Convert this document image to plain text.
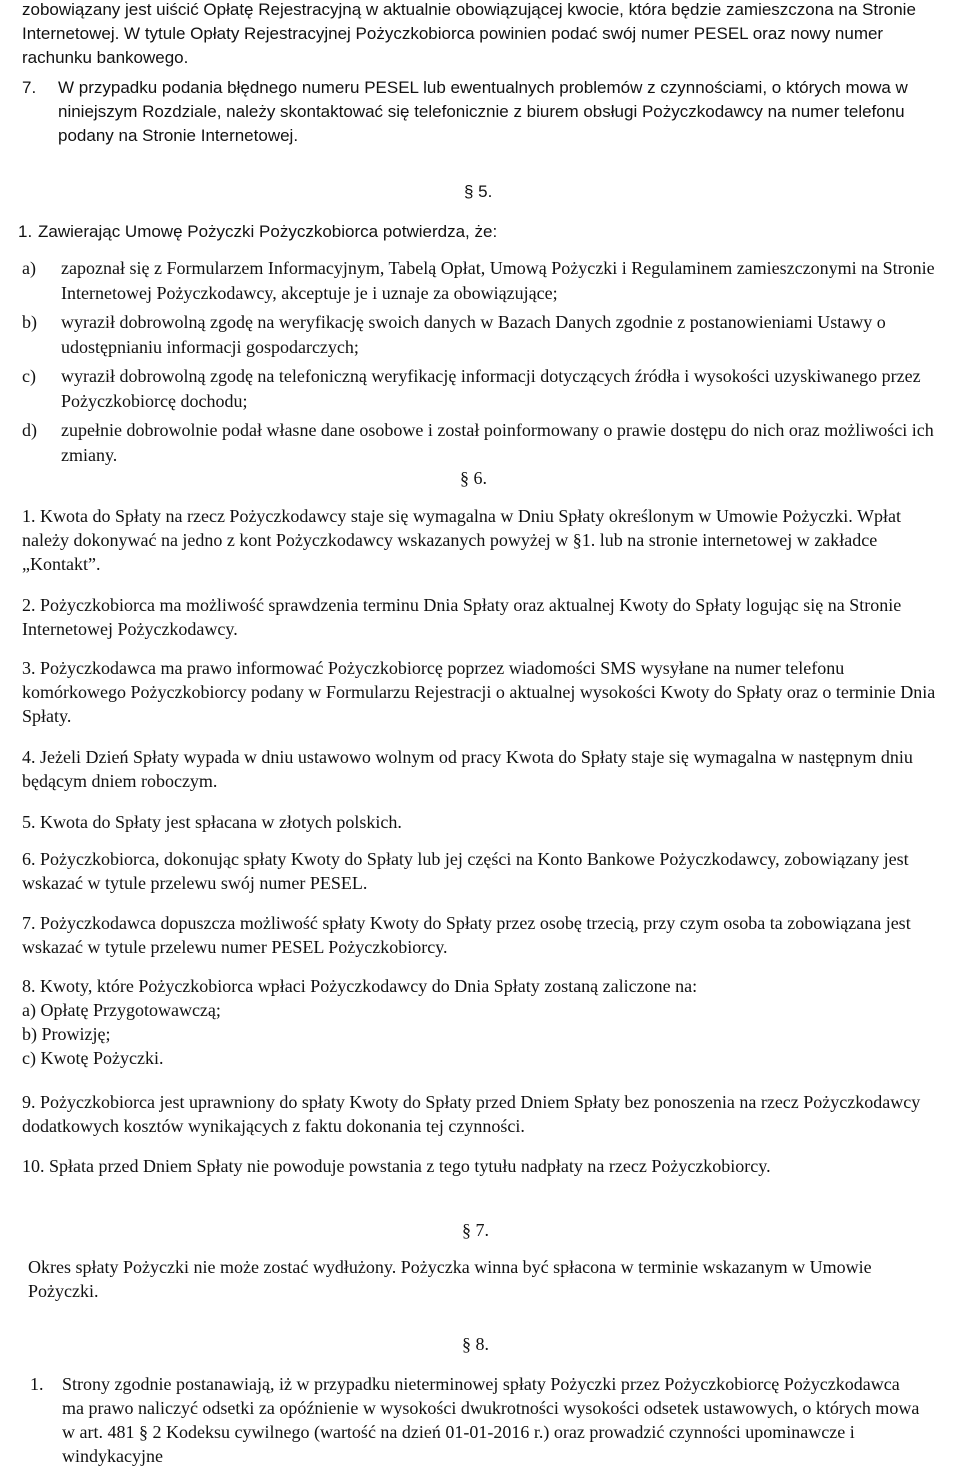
zobowiązany jest uiścić Opłatę Rejestracyjną w aktualnie obowiązującej kwocie, która będzie zamieszczona na Stronie Internetowej. W tytule Opłaty Rejestracyjnej Pożyczkobiorca powinien podać swój numer PESEL oraz nowy numer rachunku bankowego.

7. W przypadku podania błędnego numeru PESEL lub ewentualnych problemów z czynnościami, o których mowa w niniejszym Rozdziale, należy skontaktować się telefonicznie z biurem obsługi Pożyczkodawcy na numer telefonu podany na Stronie Internetowej.

§ 5.
1. Zawierając Umowę Pożyczki Pożyczkobiorca potwierdza, że:

a) zapoznał się z Formularzem Informacyjnym, Tabelą Opłat, Umową Pożyczki i Regulaminem zamieszczonymi na Stronie Internetowej Pożyczkodawcy, akceptuje je i uznaje za obowiązujące;

b) wyraził dobrowolną zgodę na weryfikację swoich danych w Bazach Danych zgodnie z postanowieniami Ustawy o udostępnianiu informacji gospodarczych;

c) wyraził dobrowolną zgodę na telefoniczną weryfikację informacji dotyczących źródła i wysokości uzyskiwanego przez Pożyczkobiorcę dochodu;

d) zupełnie dobrowolnie podał własne dane osobowe i został poinformowany o prawie dostępu do nich oraz możliwości ich zmiany.

§ 6.

1. Kwota do Spłaty na rzecz Pożyczkodawcy staje się wymagalna w Dniu Spłaty określonym w Umowie Pożyczki. Wpłat należy dokonywać na jedno z kont Pożyczkodawcy wskazanych powyżej w §1. lub na stronie internetowej w zakładce „Kontakt”.

2. Pożyczkobiorca ma możliwość sprawdzenia terminu Dnia Spłaty oraz aktualnej Kwoty do Spłaty logując się na Stronie Internetowej Pożyczkodawcy.

3. Pożyczkodawca ma prawo informować Pożyczkobiorcę poprzez wiadomości SMS wysyłane na numer telefonu komórkowego Pożyczkobiorcy podany w Formularzu Rejestracji o aktualnej wysokości Kwoty do Spłaty oraz o terminie Dnia Spłaty.

4. Jeżeli Dzień Spłaty wypada w dniu ustawowo wolnym od pracy Kwota do Spłaty staje się wymagalna w następnym dniu będącym dniem roboczym.

5. Kwota do Spłaty jest spłacana w złotych polskich.

6. Pożyczkobiorca, dokonując spłaty Kwoty do Spłaty lub jej części na Konto Bankowe Pożyczkodawcy, zobowiązany jest wskazać w tytule przelewu swój numer PESEL.

7. Pożyczkodawca dopuszcza możliwość spłaty Kwoty do Spłaty przez osobę trzecią, przy czym osoba ta zobowiązana jest wskazać w tytule przelewu numer PESEL Pożyczkobiorcy.

8. Kwoty, które Pożyczkobiorca wpłaci Pożyczkodawcy do Dnia Spłaty zostaną zaliczone na:

a) Opłatę Przygotowawczą;

b) Prowizję;

c) Kwotę Pożyczki.

9. Pożyczkobiorca jest uprawniony do spłaty Kwoty do Spłaty przed Dniem Spłaty bez ponoszenia na rzecz Pożyczkodawcy dodatkowych kosztów wynikających z faktu dokonania tej czynności.

10. Spłata przed Dniem Spłaty nie powoduje powstania z tego tytułu nadpłaty na rzecz Pożyczkobiorcy.

§ 7.

Okres spłaty Pożyczki nie może zostać wydłużony. Pożyczka winna być spłacona w terminie wskazanym w Umowie Pożyczki.

§ 8.
1. Strony zgodnie postanawiają, iż w przypadku nieterminowej spłaty Pożyczki przez Pożyczkobiorcę Pożyczkodawca ma prawo naliczyć odsetki za opóźnienie w wysokości dwukrotności wysokości odsetek ustawowych, o których mowa w art. 481 § 2 Kodeksu cywilnego (wartość na dzień 01-01-2016 r.) oraz prowadzić czynności upominawcze i windykacyjne
